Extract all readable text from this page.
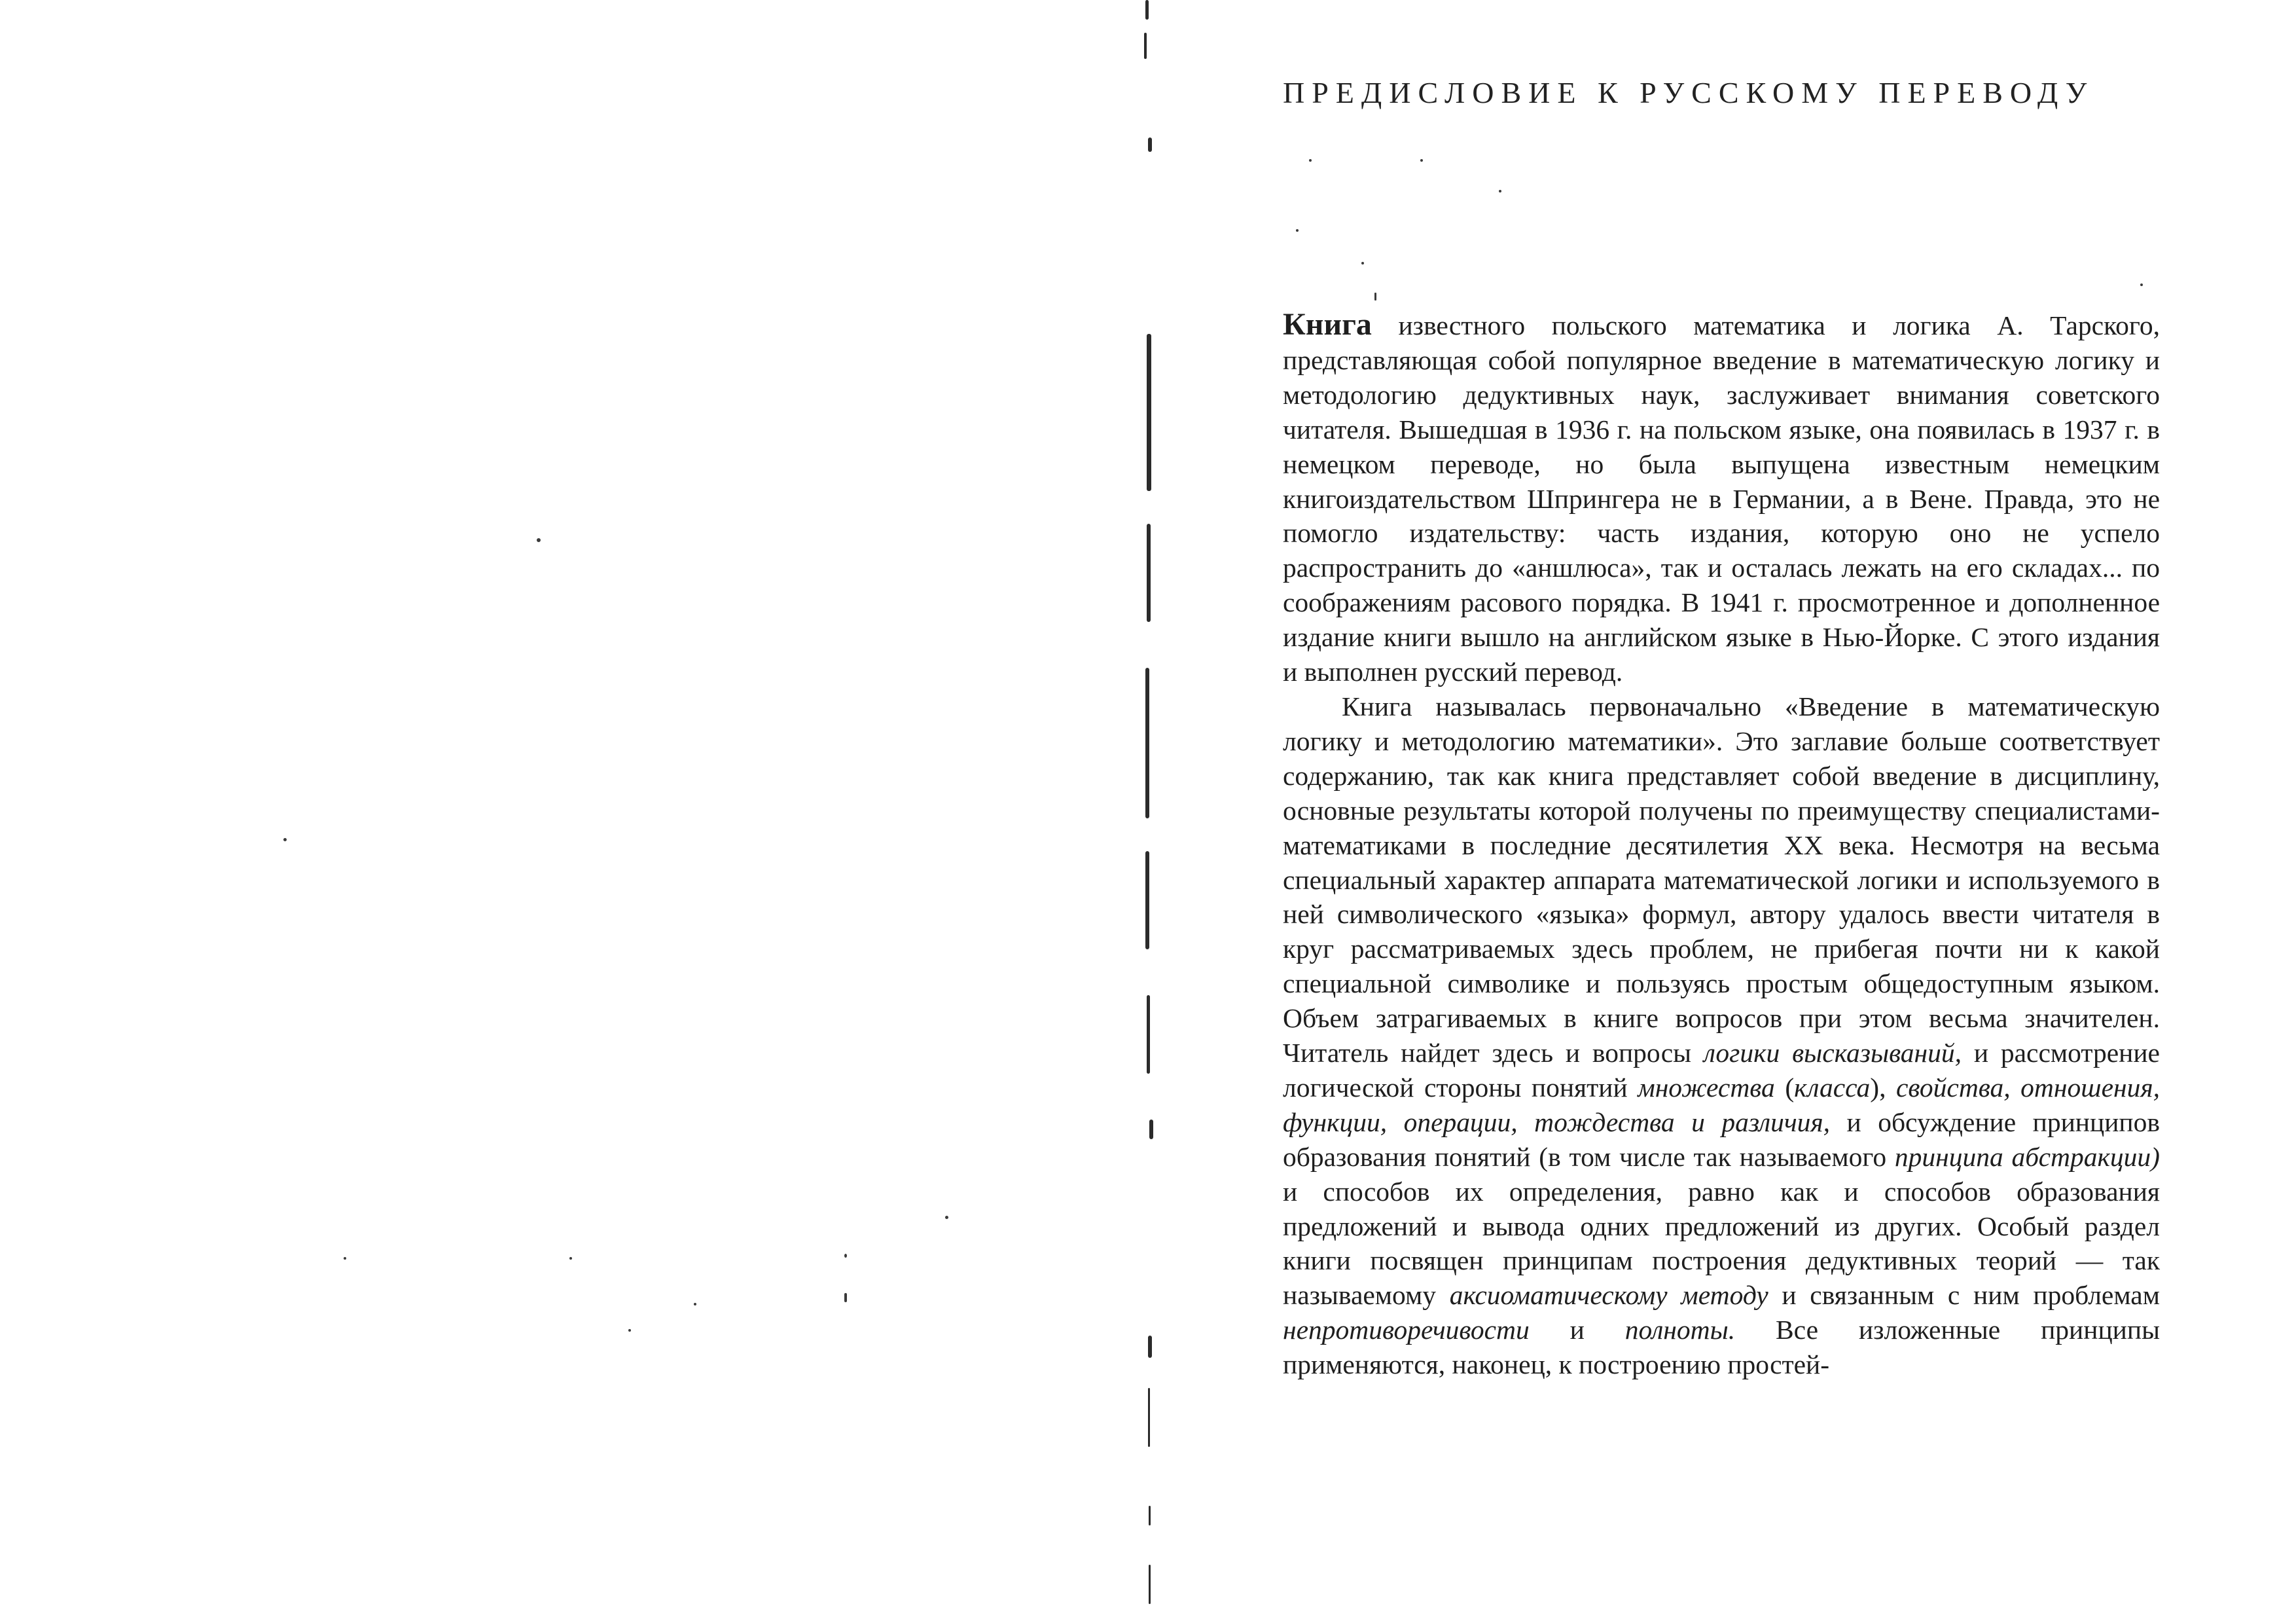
ПРЕДИСЛОВИЕ К РУССКОМУ ПЕРЕВОДУ

Книга известного польского математика и логика А. Тарского, представляющая собой популярное введение в математическую логику и методологию дедуктивных наук, заслуживает внимания советского читателя. Вышедшая в 1936 г. на польском языке, она появилась в 1937 г. в немецком переводе, но была выпущена известным немецким книгоиздательством Шпрингера не в Германии, а в Вене. Правда, это не помогло издательству: часть издания, которую оно не успело распространить до «аншлюса», так и осталась лежать на его складах... по соображениям расового порядка. В 1941 г. просмотренное и дополненное издание книги вышло на английском языке в Нью-Йорке. С этого издания и выполнен русский перевод.

Книга называлась первоначально «Введение в математическую логику и методологию математики». Это заглавие больше соответствует содержанию, так как книга представляет собой введение в дисциплину, основные результаты которой получены по преимуществу специалистами-математиками в последние десятилетия XX века. Несмотря на весьма специальный характер аппарата математической логики и используемого в ней символического «языка» формул, автору удалось ввести читателя в круг рассматриваемых здесь проблем, не прибегая почти ни к какой специальной символике и пользуясь простым общедоступным языком. Объем затрагиваемых в книге вопросов при этом весьма значителен. Читатель найдет здесь и вопросы логики высказываний, и рассмотрение логической стороны понятий множества (класса), свойства, отношения, функции, операции, тождества и различия, и обсуждение принципов образования понятий (в том числе так называемого принципа абстракции) и способов их определения, равно как и способов образования предложений и вывода одних предложений из других. Особый раздел книги посвящен принципам построения дедуктивных теорий — так называемому аксиоматическому методу и связанным с ним проблемам непротиворечивости и полноты. Все изложенные принципы применяются, наконец, к построению простей-
